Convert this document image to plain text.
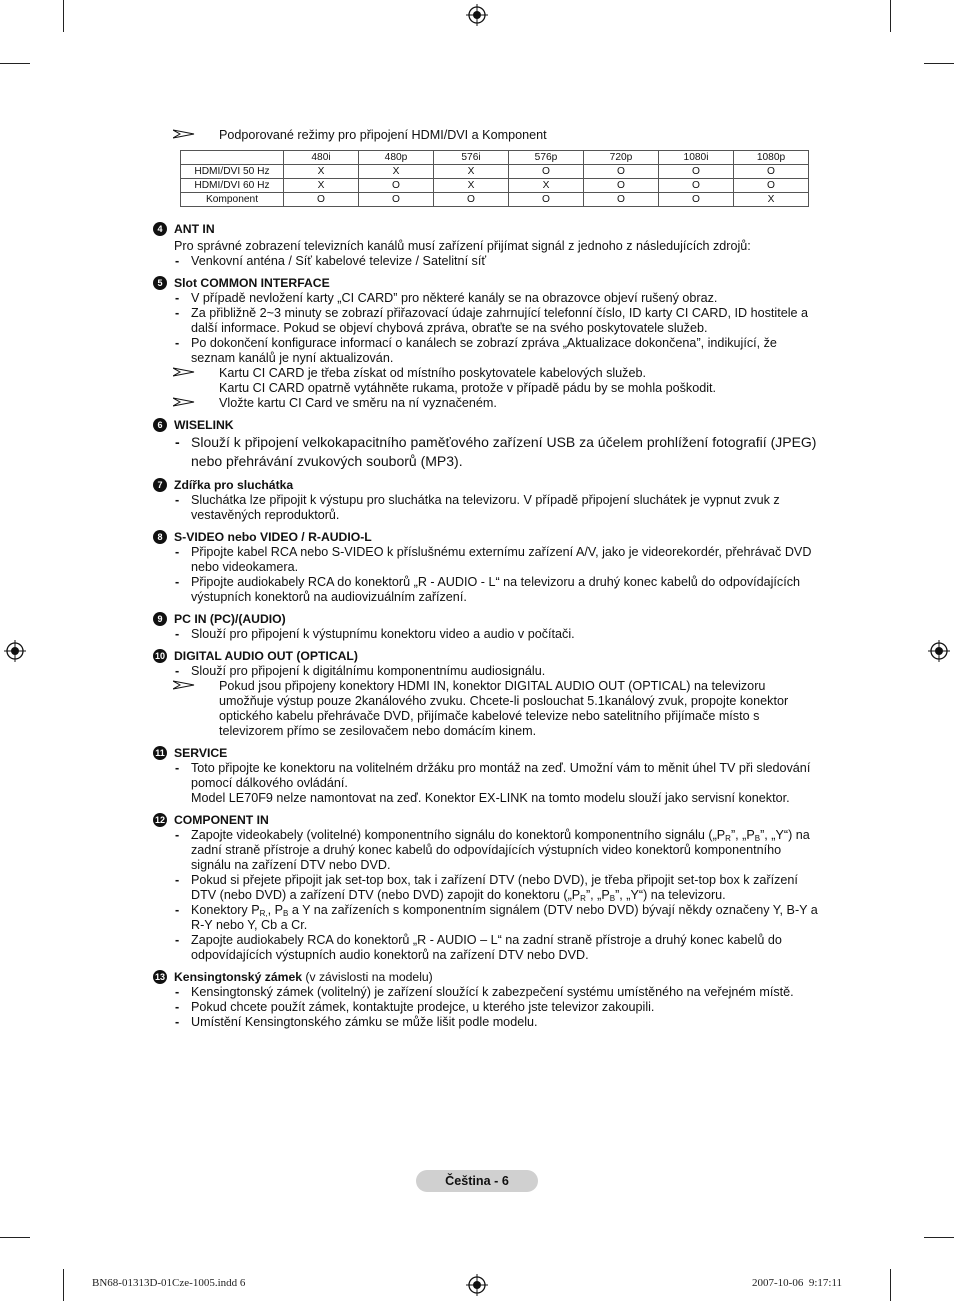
Podporované režimy pro připojení HDMI/DVI a Komponent
	480i	480p	576i	576p	720p	1080i	1080p
HDMI/DVI 50 Hz	X	X	X	O	O	O	O
HDMI/DVI 60 Hz	X	O	X	X	O	O	O
Komponent	O	O	O	O	O	O	X
4 ANT IN
Pro správné zobrazení televizních kanálů musí zařízení přijímat signál z jednoho z následujících zdrojů:
- Venkovní anténa / Síť kabelové televize / Satelitní síť
5 Slot COMMON INTERFACE
- V případě nevložení karty „CI CARD” pro některé kanály se na obrazovce objeví rušený obraz.
- Za přibližně 2~3 minuty se zobrazí přiřazovací údaje zahrnující telefonní číslo, ID karty CI CARD, ID hostitele a další informace. Pokud se objeví chybová zpráva, obraťte se na svého poskytovatele služeb.
- Po dokončení konfigurace informací o kanálech se zobrazí zpráva „Aktualizace dokončena”, indikující, že seznam kanálů je nyní aktualizován.
Kartu CI CARD je třeba získat od místního poskytovatele kabelových služeb.
Kartu CI CARD opatrně vytáhněte rukama, protože v případě pádu by se mohla poškodit.
Vložte kartu CI Card ve směru na ní vyznačeném.
6 WISELINK
- Slouží k připojení velkokapacitního paměťového zařízení USB za účelem prohlížení fotografií (JPEG) nebo přehrávání zvukových souborů (MP3).
7 Zdířka pro sluchátka
- Sluchátka lze připojit k výstupu pro sluchátka na televizoru. V případě připojení sluchátek je vypnut zvuk z vestavěných reproduktorů.
8 S-VIDEO nebo VIDEO / R-AUDIO-L
- Připojte kabel RCA nebo S-VIDEO k příslušnému externímu zařízení A/V, jako je videorekordér, přehrávač DVD nebo videokamera.
- Připojte audiokabely RCA do konektorů „R - AUDIO - L“ na televizoru a druhý konec kabelů do odpovídajících výstupních konektorů na audiovizuálním zařízení.
9 PC IN (PC)/(AUDIO)
- Slouží pro připojení k výstupnímu konektoru video a audio v počítači.
10 DIGITAL AUDIO OUT (OPTICAL)
- Slouží pro připojení k digitálnímu komponentnímu audiosignálu.
Pokud jsou připojeny konektory HDMI IN, konektor DIGITAL AUDIO OUT (OPTICAL) na televizoru umožňuje výstup pouze 2kanálového zvuku. Chcete-li poslouchat 5.1kanálový zvuk, propojte konektor optického kabelu přehrávače DVD, přijímače kabelové televize nebo satelitního přijímače místo s televizorem přímo se zesilovačem nebo domácím kinem.
11 SERVICE
- Toto připojte ke konektoru na volitelném držáku pro montáž na zeď. Umožní vám to měnit úhel TV při sledování pomocí dálkového ovládání.
Model LE70F9 nelze namontovat na zeď. Konektor EX-LINK na tomto modelu slouží jako servisní konektor.
12 COMPONENT IN
- Zapojte videokabely (volitelné) komponentního signálu do konektorů komponentního signálu ($„P_R$”, $„P_B$”, „Y“) na zadní straně přístroje a druhý konec kabelů do odpovídajících výstupních video konektorů komponentního signálu na zařízení DTV nebo DVD.
- Pokud si přejete připojit jak set-top box, tak i zařízení DTV (nebo DVD), je třeba připojit set-top box k zařízení DTV (nebo DVD) a zařízení DTV (nebo DVD) zapojit do konektoru ($„P_R$”, $„P_B$”, „Y“) na televizoru.
- Konektory $P_{R,}$, $P_B$ a Y na zařízeních s komponentním signálem (DTV nebo DVD) bývají někdy označeny Y, B-Y a R-Y nebo Y, Cb a Cr.
- Zapojte audiokabely RCA do konektorů „R - AUDIO – L“ na zadní straně přístroje a druhý konec kabelů do odpovídajících výstupních audio konektorů na zařízení DTV nebo DVD.
13 Kensingtonský zámek (v závislosti na modelu)
- Kensingtonský zámek (volitelný) je zařízení sloužící k zabezpečení systému umístěného na veřejném místě.
- Pokud chcete použít zámek, kontaktujte prodejce, u kterého jste televizor zakoupili.
- Umístění Kensingtonského zámku se může lišit podle modelu.
Čeština - 6
BN68-01313D-01Cze-1005.indd 6	2007-10-06 ︎︎ 9:17:11
